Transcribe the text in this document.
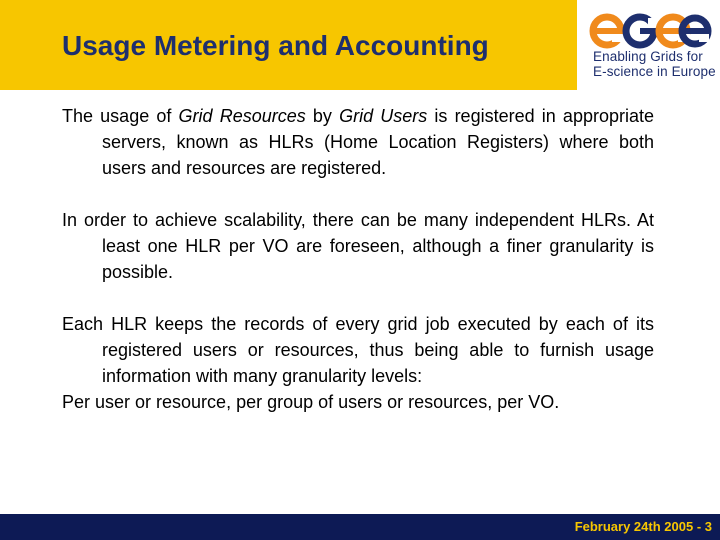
Usage Metering and Accounting	Enabling Grids for
E-science in Europe

The usage of Grid Resources by Grid Users is registered in appropriate servers, known as HLRs (Home Location Registers) where both users and resources are registered.

In order to achieve scalability, there can be many independent HLRs. At least one HLR per VO are foreseen, although a finer granularity is possible.

Each HLR keeps the records of every grid job executed by each of its registered users or resources, thus being able to furnish usage information with many granularity levels:

Per user or resource, per group of users or resources, per VO.

February 24th 2005 - 3
